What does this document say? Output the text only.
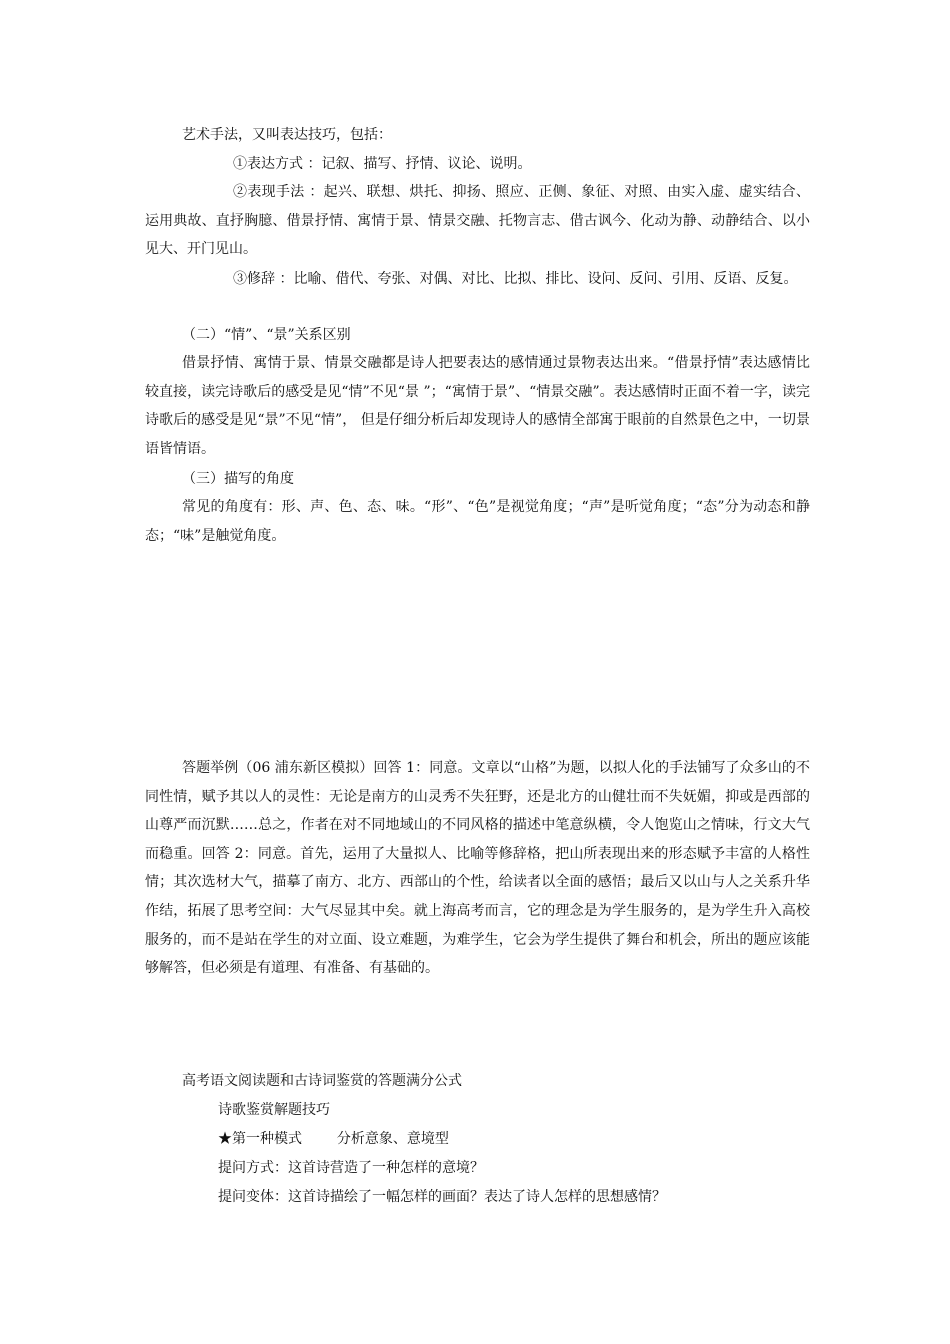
艺术手法，又叫表达技巧，包括：
①表达方式 ：记叙、描写、抒情、议论、说明。
②表现手法 ：起兴、联想、烘托、抑扬、照应、正侧、象征、对照、由实入虚、虚实结合、运用典故、直抒胸臆、借景抒情、寓情于景、情景交融、托物言志、借古讽今、化动为静、动静结合、以小见大、开门见山。
③修辞 ：比喻、借代、夸张、对偶、对比、比拟、排比、设问、反问、引用、反语、反复。
（二）“情”、“景”关系区别

借景抒情、寓情于景、情景交融都是诗人把要表达的感情通过景物表达出来。“借景抒情”表达感情比较直接，读完诗歌后的感受是见“情”不见“景 ”；“寓情于景”、“情景交融”。表达感情时正面不着一字，读完诗歌后的感受是见“景”不见“情”， 但是仔细分析后却发现诗人的感情全部寓于眼前的自然景色之中，一切景语皆情语。

（三）描写的角度

常见的角度有：形、声、色、态、味。“形”、“色”是视觉角度；“声”是听觉角度；“态”分为动态和静态；“味”是触觉角度。

答题举例（06 浦东新区模拟）回答 1：同意。文章以“山格”为题，以拟人化的手法铺写了众多山的不同性情，赋予其以人的灵性：无论是南方的山灵秀不失狂野，还是北方的山健壮而不失妩媚，抑或是西部的山尊严而沉默……总之，作者在对不同地域山的不同风格的描述中笔意纵横，令人饱览山之情味，行文大气而稳重。回答 2：同意。首先，运用了大量拟人、比喻等修辞格，把山所表现出来的形态赋予丰富的人格性情；其次选材大气，描摹了南方、北方、西部山的个性，给读者以全面的感悟；最后又以山与人之关系升华作结，拓展了思考空间：大气尽显其中矣。就上海高考而言，它的理念是为学生服务的，是为学生升入高校服务的，而不是站在学生的对立面、设立难题，为难学生，它会为学生提供了舞台和机会，所出的题应该能够解答，但必须是有道理、有准备、有基础的。

高考语文阅读题和古诗词鉴赏的答题满分公式
诗歌鉴赏解题技巧
★第一种模式 分析意象、意境型
提问方式：这首诗营造了一种怎样的意境？
提问变体：这首诗描绘了一幅怎样的画面？表达了诗人怎样的思想感情？
